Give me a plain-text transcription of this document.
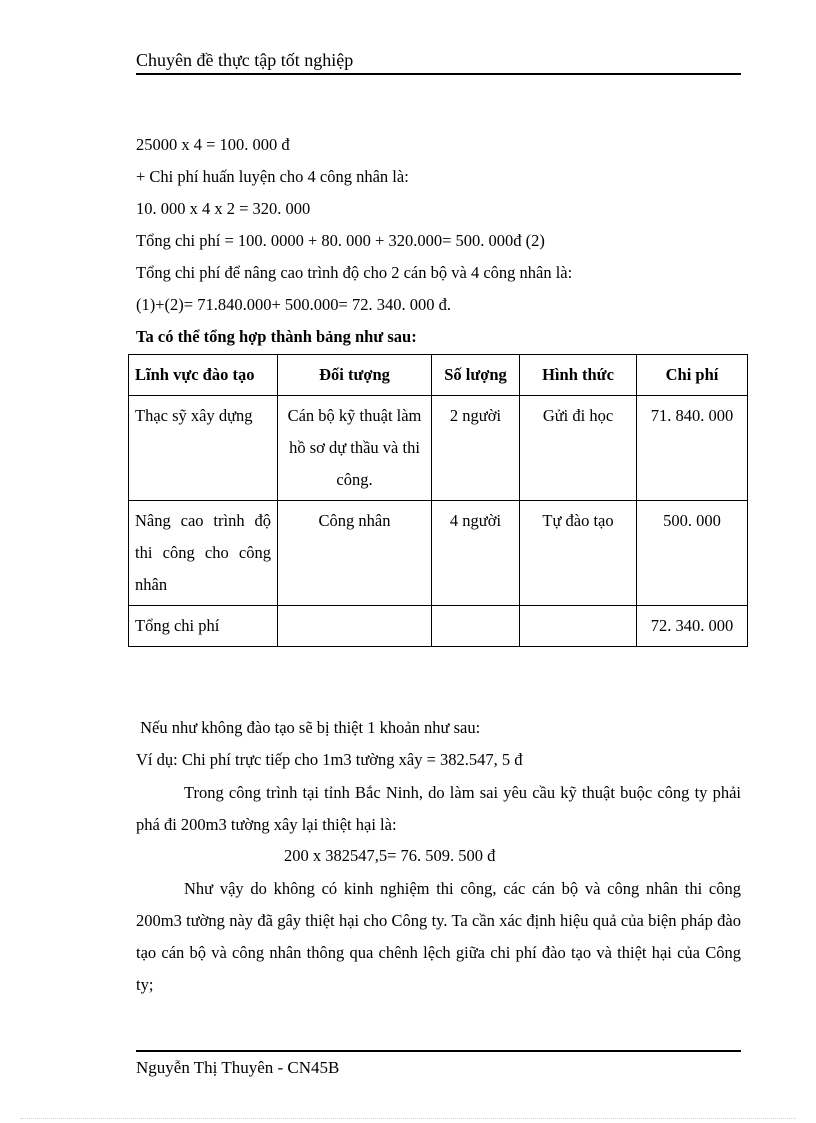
Chuyên đề thực tập tốt nghiệp
25000 x 4 = 100. 000 đ
+ Chi phí huấn luyện cho 4 công nhân là:
10. 000 x 4 x 2 = 320. 000
Tổng chi phí = 100. 0000 + 80. 000 + 320.000= 500. 000đ (2)
Tổng chi phí để nâng cao trình độ cho 2 cán bộ và 4 công nhân là:
(1)+(2)= 71.840.000+ 500.000= 72. 340. 000 đ.
Ta có thể tổng hợp thành bảng như sau:
Lĩnh vực đào tạo	Đối tượng	Số lượng	Hình thức	Chi phí
Thạc sỹ xây dựng	Cán bộ kỹ thuật làm hồ sơ dự thầu và thi công.	2 người	Gửi đi học	71. 840. 000
Nâng cao trình độ thi công cho công nhân	Công nhân	4 người	Tự đào tạo	500. 000
Tổng chi phí				72. 340. 000
Nếu như không đào tạo sẽ bị thiệt 1 khoản như sau:
Ví dụ: Chi phí trực tiếp cho 1m3 tường xây = 382.547, 5 đ
Trong công trình tại tỉnh Bắc Ninh, do làm sai yêu cầu kỹ thuật buộc công ty phải phá đi 200m3 tường xây lại thiệt hại là:
200 x 382547,5= 76. 509. 500 đ
Như vậy do không có kinh nghiệm thi công, các cán bộ và công nhân thi công 200m3 tường này đã gây thiệt hại cho Công ty. Ta cần xác định hiệu quả của biện pháp đào tạo cán bộ và công nhân thông qua chênh lệch giữa chi phí đào tạo và thiệt hại của Công ty;
Nguyễn Thị Thuyên - CN45B
